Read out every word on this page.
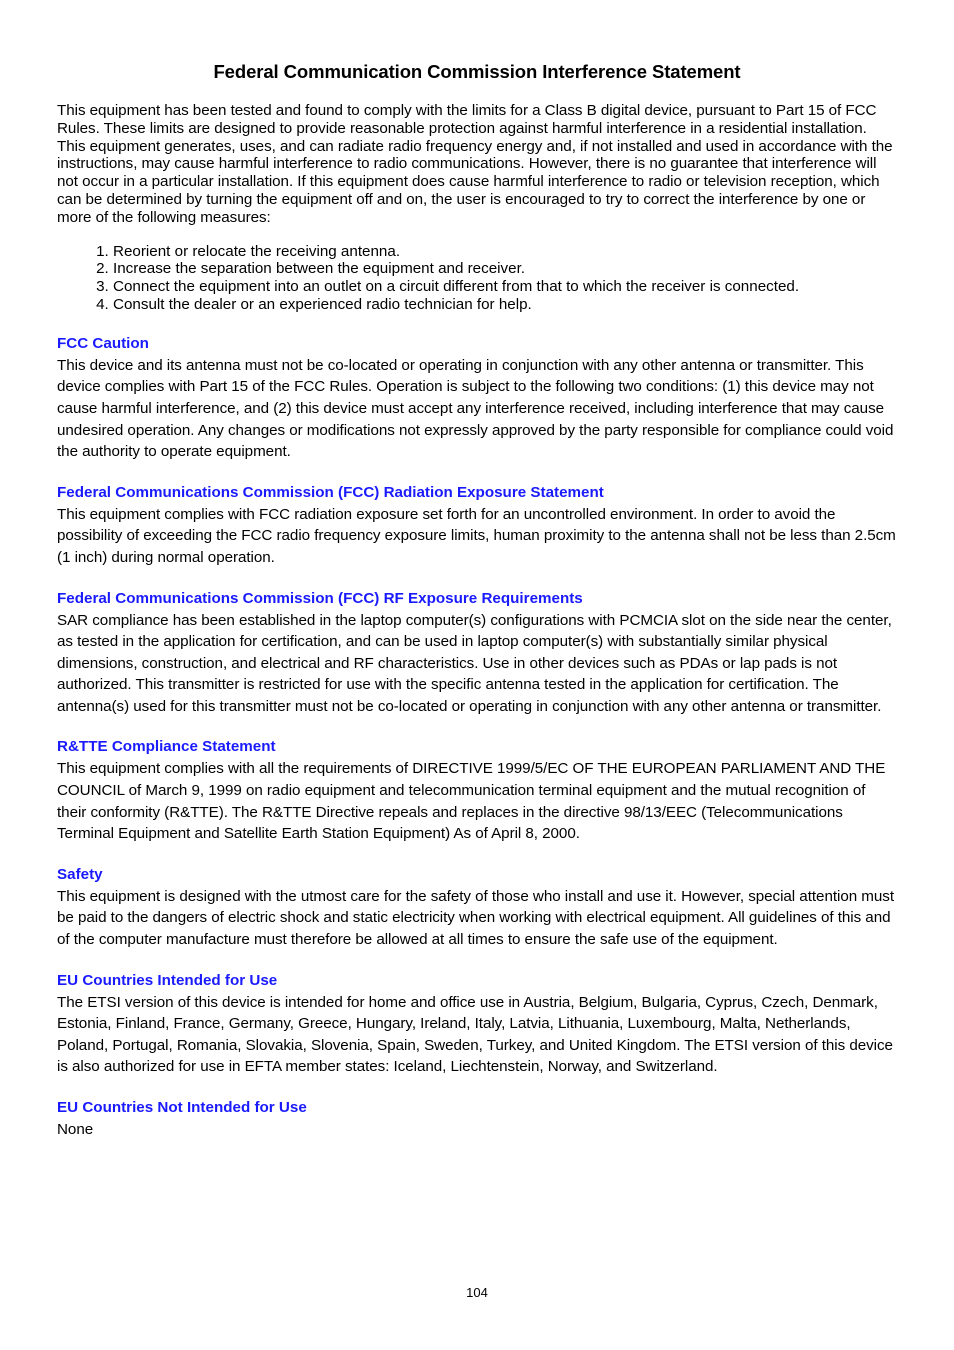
Federal Communication Commission Interference Statement

This equipment has been tested and found to comply with the limits for a Class B digital device, pursuant to Part 15 of FCC Rules. These limits are designed to provide reasonable protection against harmful interference in a residential installation. This equipment generates, uses, and can radiate radio frequency energy and, if not installed and used in accordance with the instructions, may cause harmful interference to radio communications. However, there is no guarantee that interference will not occur in a particular installation. If this equipment does cause harmful interference to radio or television reception, which can be determined by turning the equipment off and on, the user is encouraged to try to correct the interference by one or more of the following measures:

1. Reorient or relocate the receiving antenna.
2. Increase the separation between the equipment and receiver.
3. Connect the equipment into an outlet on a circuit different from that to which the receiver is connected.
4. Consult the dealer or an experienced radio technician for help.
FCC Caution

This device and its antenna must not be co-located or operating in conjunction with any other antenna or transmitter. This device complies with Part 15 of the FCC Rules. Operation is subject to the following two conditions: (1) this device may not cause harmful interference, and (2) this device must accept any interference received, including interference that may cause undesired operation. Any changes or modifications not expressly approved by the party responsible for compliance could void the authority to operate equipment.

Federal Communications Commission (FCC) Radiation Exposure Statement

This equipment complies with FCC radiation exposure set forth for an uncontrolled environment. In order to avoid the possibility of exceeding the FCC radio frequency exposure limits, human proximity to the antenna shall not be less than 2.5cm (1 inch) during normal operation.

Federal Communications Commission (FCC) RF Exposure Requirements

SAR compliance has been established in the laptop computer(s) configurations with PCMCIA slot on the side near the center, as tested in the application for certification, and can be used in laptop computer(s) with substantially similar physical dimensions, construction, and electrical and RF characteristics. Use in other devices such as PDAs or lap pads is not authorized. This transmitter is restricted for use with the specific antenna tested in the application for certification. The antenna(s) used for this transmitter must not be co-located or operating in conjunction with any other antenna or transmitter.

R&TTE Compliance Statement

This equipment complies with all the requirements of DIRECTIVE 1999/5/EC OF THE EUROPEAN PARLIAMENT AND THE COUNCIL of March 9, 1999 on radio equipment and telecommunication terminal equipment and the mutual recognition of their conformity (R&TTE). The R&TTE Directive repeals and replaces in the directive 98/13/EEC (Telecommunications Terminal Equipment and Satellite Earth Station Equipment) As of April 8, 2000.

Safety

This equipment is designed with the utmost care for the safety of those who install and use it. However, special attention must be paid to the dangers of electric shock and static electricity when working with electrical equipment. All guidelines of this and of the computer manufacture must therefore be allowed at all times to ensure the safe use of the equipment.

EU Countries Intended for Use

The ETSI version of this device is intended for home and office use in Austria, Belgium, Bulgaria, Cyprus, Czech, Denmark, Estonia, Finland, France, Germany, Greece, Hungary, Ireland, Italy, Latvia, Lithuania, Luxembourg, Malta, Netherlands, Poland, Portugal, Romania, Slovakia, Slovenia, Spain, Sweden, Turkey, and United Kingdom. The ETSI version of this device is also authorized for use in EFTA member states: Iceland, Liechtenstein, Norway, and Switzerland.

EU Countries Not Intended for Use

None

104
